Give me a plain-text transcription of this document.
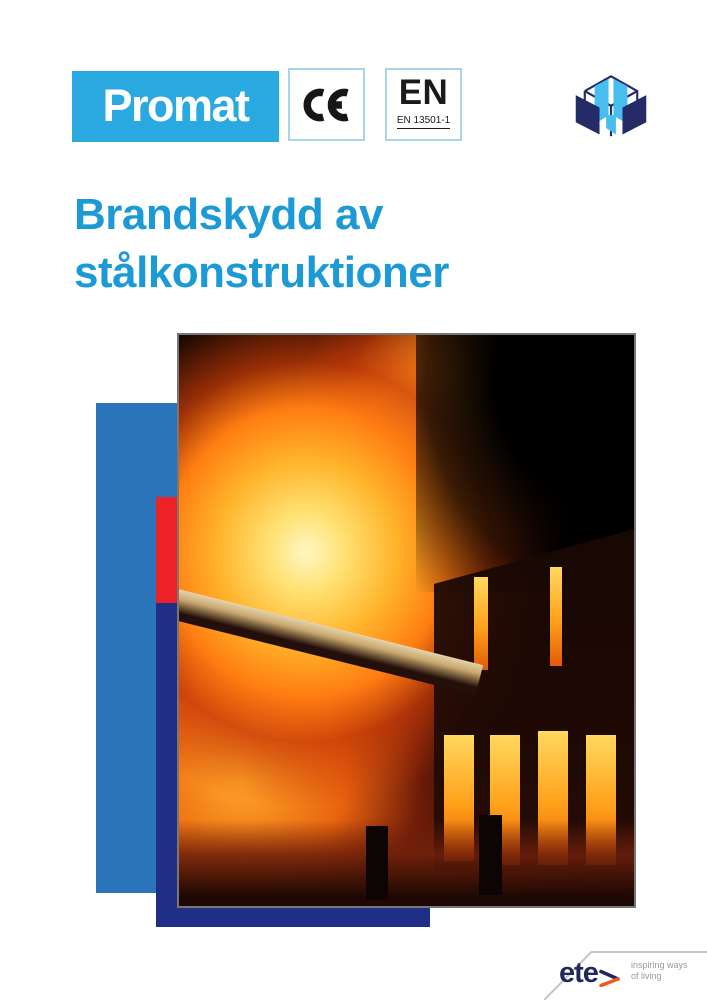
Promat	EN
EN 13501-1
Brandskydd av
stålkonstruktioner
ete	inspiring ways
of living
